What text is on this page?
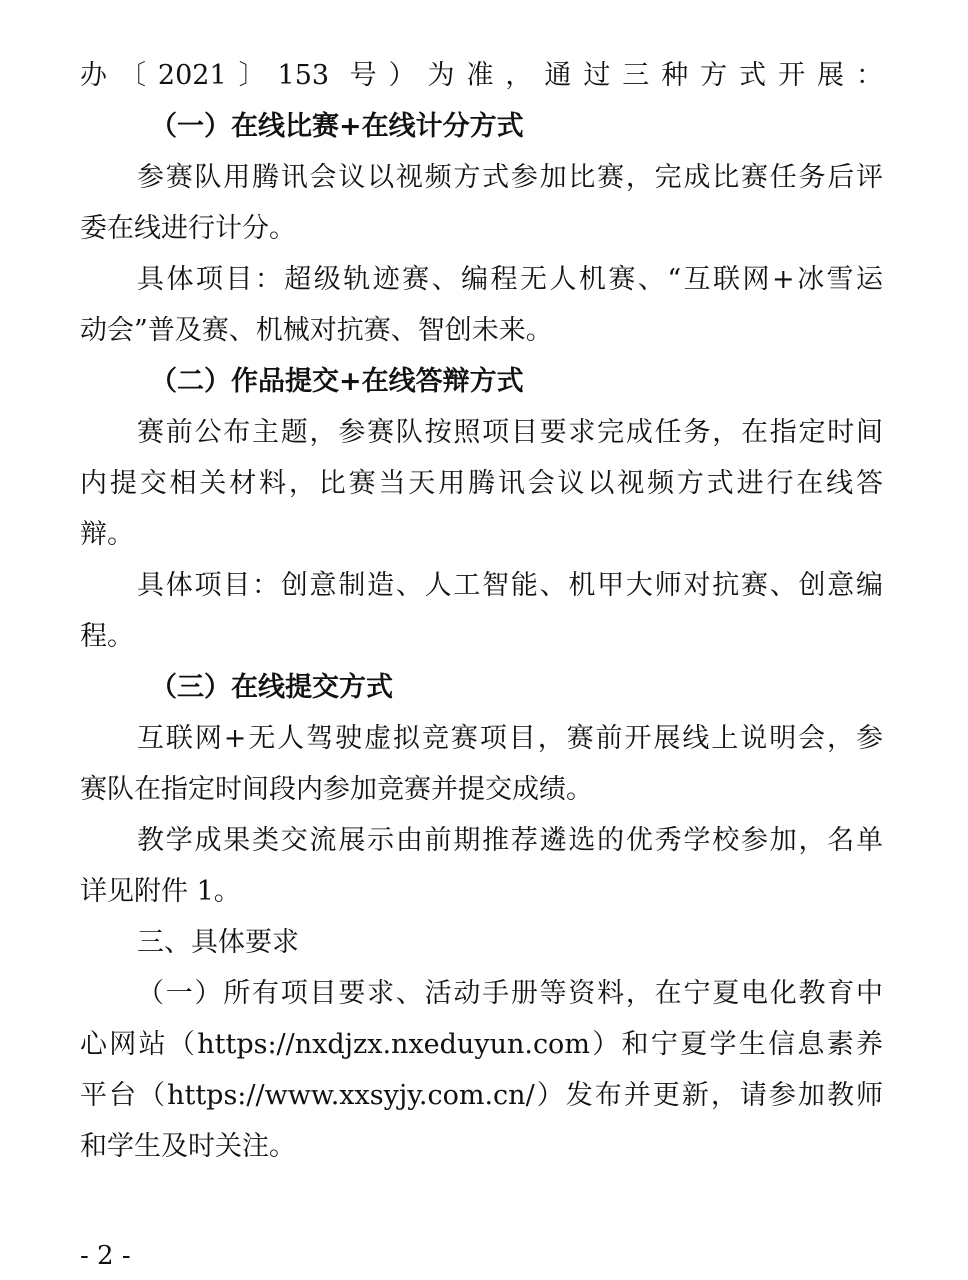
办〔2021〕153 号）为准，通过三种方式开展：
（一）在线比赛+在线计分方式
参赛队用腾讯会议以视频方式参加比赛，完成比赛任务后评
委在线进行计分。
具体项目：超级轨迹赛、编程无人机赛、“互联网+冰雪运
动会”普及赛、机械对抗赛、智创未来。
（二）作品提交+在线答辩方式
赛前公布主题，参赛队按照项目要求完成任务，在指定时间
内提交相关材料，比赛当天用腾讯会议以视频方式进行在线答
辩。
具体项目：创意制造、人工智能、机甲大师对抗赛、创意编
程。
（三）在线提交方式
互联网+无人驾驶虚拟竞赛项目，赛前开展线上说明会，参
赛队在指定时间段内参加竞赛并提交成绩。
教学成果类交流展示由前期推荐遴选的优秀学校参加，名单
详见附件 1。
三、具体要求
（一）所有项目要求、活动手册等资料，在宁夏电化教育中
心网站（https://nxdjzx.nxeduyun.com）和宁夏学生信息素养
平台（https://www.xxsyjy.com.cn/）发布并更新，请参加教师
和学生及时关注。
- 2 -
